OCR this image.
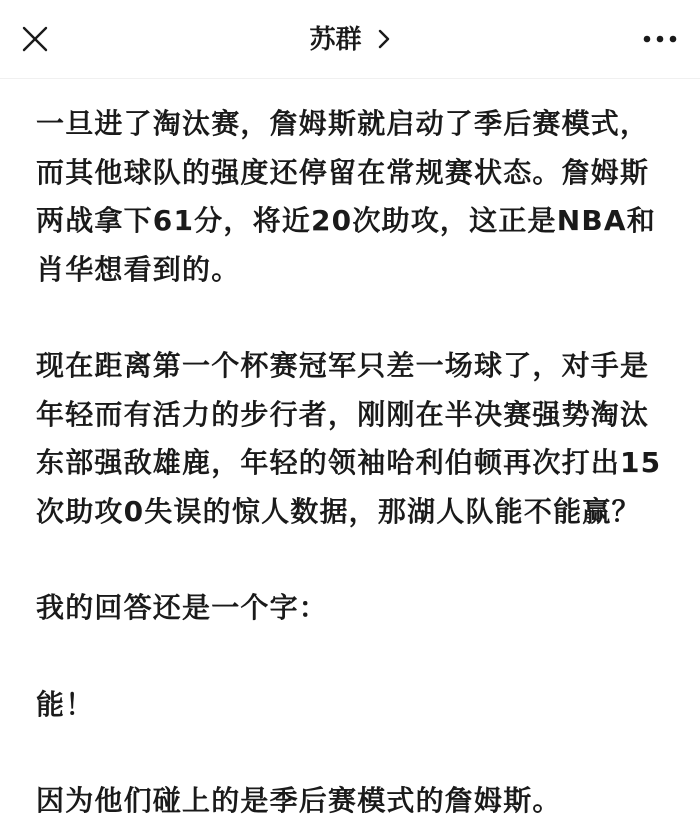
苏群

一旦进了淘汰赛，詹姆斯就启动了季后赛模式，而其他球队的强度还停留在常规赛状态。詹姆斯两战拿下61分，将近20次助攻，这正是NBA和肖华想看到的。

现在距离第一个杯赛冠军只差一场球了，对手是年轻而有活力的步行者，刚刚在半决赛强势淘汰东部强敌雄鹿，年轻的领袖哈利伯顿再次打出15次助攻0失误的惊人数据，那湖人队能不能赢？

我的回答还是一个字：

能！

因为他们碰上的是季后赛模式的詹姆斯。
